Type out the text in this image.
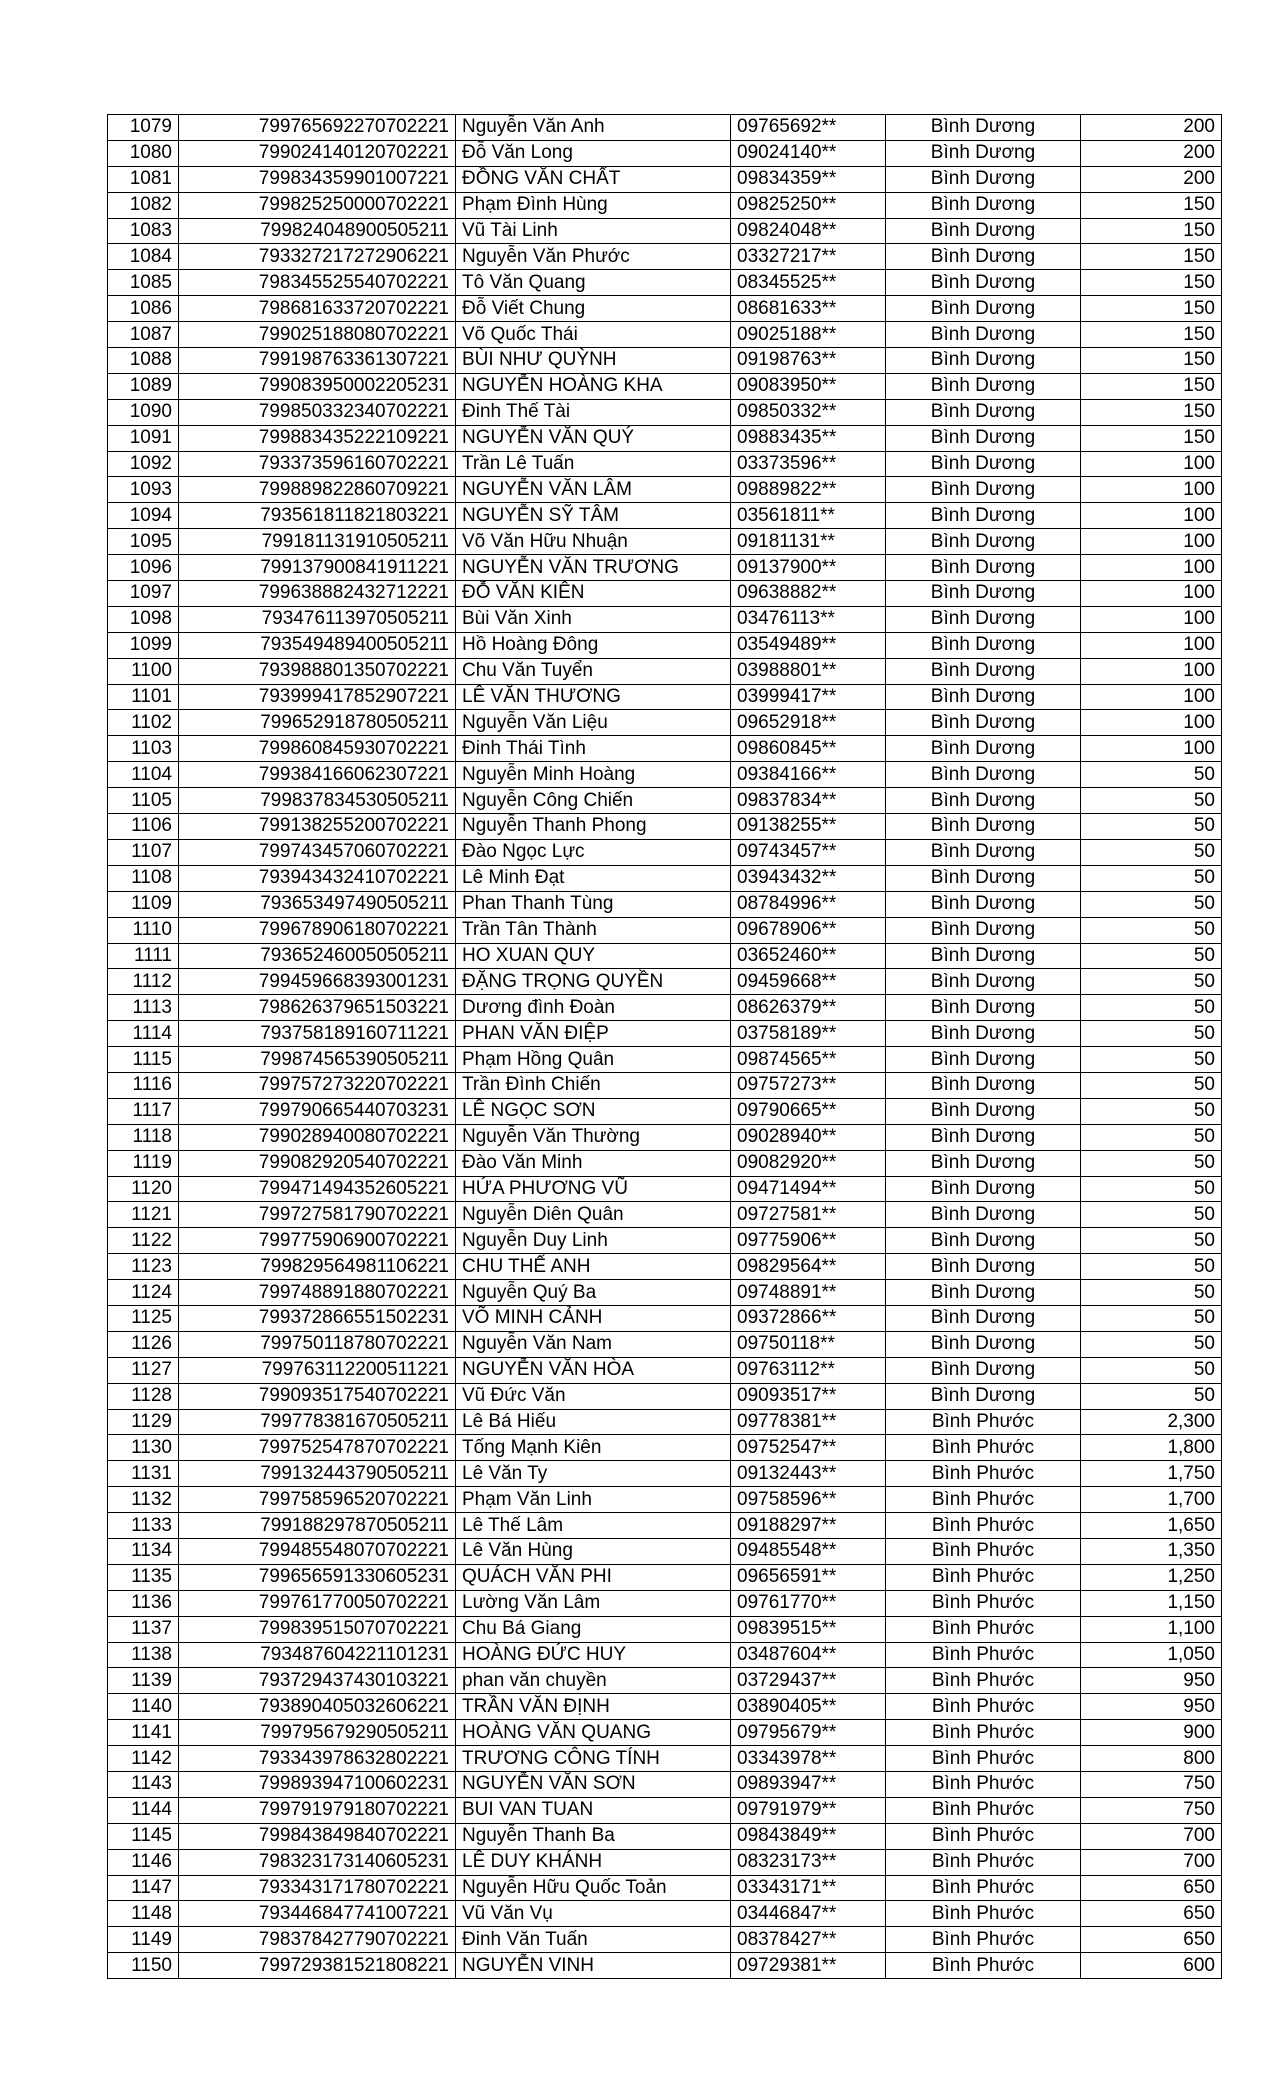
1079	799765692270702221	Nguyễn Văn Anh	09765692**	Bình Dương	200
1080	799024140120702221	Đỗ Văn Long	09024140**	Bình Dương	200
1081	799834359901007221	ĐỒNG VĂN CHẤT	09834359**	Bình Dương	200
1082	799825250000702221	Phạm Đình Hùng	09825250**	Bình Dương	150
1083	799824048900505211	Vũ Tài Linh	09824048**	Bình Dương	150
1084	793327217272906221	Nguyễn Văn Phước	03327217**	Bình Dương	150
1085	798345525540702221	Tô Văn Quang	08345525**	Bình Dương	150
1086	798681633720702221	Đỗ Viết Chung	08681633**	Bình Dương	150
1087	799025188080702221	Võ Quốc Thái	09025188**	Bình Dương	150
1088	799198763361307221	BÙI NHƯ QUỲNH	09198763**	Bình Dương	150
1089	799083950002205231	NGUYỄN HOÀNG KHA	09083950**	Bình Dương	150
1090	799850332340702221	Đinh Thế Tài	09850332**	Bình Dương	150
1091	799883435222109221	NGUYỄN VĂN QUÝ	09883435**	Bình Dương	150
1092	793373596160702221	Trần Lê Tuấn	03373596**	Bình Dương	100
1093	799889822860709221	NGUYỄN VĂN LÂM	09889822**	Bình Dương	100
1094	793561811821803221	NGUYỄN SỸ TÂM	03561811**	Bình Dương	100
1095	799181131910505211	Võ Văn Hữu Nhuận	09181131**	Bình Dương	100
1096	799137900841911221	NGUYỄN VĂN TRƯƠNG	09137900**	Bình Dương	100
1097	799638882432712221	ĐỖ VĂN KIÊN	09638882**	Bình Dương	100
1098	793476113970505211	Bùi Văn Xinh	03476113**	Bình Dương	100
1099	793549489400505211	Hồ Hoàng Đông	03549489**	Bình Dương	100
1100	793988801350702221	Chu Văn Tuyển	03988801**	Bình Dương	100
1101	793999417852907221	LÊ VĂN THƯƠNG	03999417**	Bình Dương	100
1102	799652918780505211	Nguyễn Văn Liệu	09652918**	Bình Dương	100
1103	799860845930702221	Đinh Thái Tình	09860845**	Bình Dương	100
1104	799384166062307221	Nguyễn Minh Hoàng	09384166**	Bình Dương	50
1105	799837834530505211	Nguyễn Công Chiến	09837834**	Bình Dương	50
1106	799138255200702221	Nguyễn Thanh Phong	09138255**	Bình Dương	50
1107	799743457060702221	Đào Ngọc Lực	09743457**	Bình Dương	50
1108	793943432410702221	Lê Minh Đạt	03943432**	Bình Dương	50
1109	793653497490505211	Phan Thanh Tùng	08784996**	Bình Dương	50
1110	799678906180702221	Trần Tân Thành	09678906**	Bình Dương	50
1111	793652460050505211	HO XUAN QUY	03652460**	Bình Dương	50
1112	799459668393001231	ĐẶNG TRỌNG QUYỀN	09459668**	Bình Dương	50
1113	798626379651503221	Dương đình Đoàn	08626379**	Bình Dương	50
1114	793758189160711221	PHAN VĂN ĐIỆP	03758189**	Bình Dương	50
1115	799874565390505211	Phạm Hồng Quân	09874565**	Bình Dương	50
1116	799757273220702221	Trần Đình Chiến	09757273**	Bình Dương	50
1117	799790665440703231	LÊ NGỌC SƠN	09790665**	Bình Dương	50
1118	799028940080702221	Nguyễn Văn Thường	09028940**	Bình Dương	50
1119	799082920540702221	Đào Văn Minh	09082920**	Bình Dương	50
1120	799471494352605221	HỨA PHƯƠNG VŨ	09471494**	Bình Dương	50
1121	799727581790702221	Nguyễn Diên Quân	09727581**	Bình Dương	50
1122	799775906900702221	Nguyễn Duy Linh	09775906**	Bình Dương	50
1123	799829564981106221	CHU THẾ ANH	09829564**	Bình Dương	50
1124	799748891880702221	Nguyễn Quý Ba	09748891**	Bình Dương	50
1125	799372866551502231	VÕ MINH CẢNH	09372866**	Bình Dương	50
1126	799750118780702221	Nguyễn Văn Nam	09750118**	Bình Dương	50
1127	799763112200511221	NGUYỄN VĂN HÒA	09763112**	Bình Dương	50
1128	799093517540702221	Vũ Đức Văn	09093517**	Bình Dương	50
1129	799778381670505211	Lê Bá Hiếu	09778381**	Bình Phước	2,300
1130	799752547870702221	Tống Mạnh Kiên	09752547**	Bình Phước	1,800
1131	799132443790505211	Lê Văn Ty	09132443**	Bình Phước	1,750
1132	799758596520702221	Phạm Văn Linh	09758596**	Bình Phước	1,700
1133	799188297870505211	Lê Thế Lâm	09188297**	Bình Phước	1,650
1134	799485548070702221	Lê Văn Hùng	09485548**	Bình Phước	1,350
1135	799656591330605231	QUÁCH VĂN PHI	09656591**	Bình Phước	1,250
1136	799761770050702221	Lường Văn Lâm	09761770**	Bình Phước	1,150
1137	799839515070702221	Chu Bá Giang	09839515**	Bình Phước	1,100
1138	793487604221101231	HOÀNG ĐỨC HUY	03487604**	Bình Phước	1,050
1139	793729437430103221	phan văn chuyền	03729437**	Bình Phước	950
1140	793890405032606221	TRẦN VĂN ĐỊNH	03890405**	Bình Phước	950
1141	799795679290505211	HOÀNG VĂN QUANG	09795679**	Bình Phước	900
1142	793343978632802221	TRƯƠNG CÔNG TÍNH	03343978**	Bình Phước	800
1143	799893947100602231	NGUYỄN VĂN SƠN	09893947**	Bình Phước	750
1144	799791979180702221	BUI VAN TUAN	09791979**	Bình Phước	750
1145	799843849840702221	Nguyễn Thanh Ba	09843849**	Bình Phước	700
1146	798323173140605231	LÊ DUY KHÁNH	08323173**	Bình Phước	700
1147	793343171780702221	Nguyễn Hữu Quốc Toản	03343171**	Bình Phước	650
1148	793446847741007221	Vũ Văn Vụ	03446847**	Bình Phước	650
1149	798378427790702221	Đinh Văn Tuấn	08378427**	Bình Phước	650
1150	799729381521808221	NGUYỄN VINH	09729381**	Bình Phước	600
